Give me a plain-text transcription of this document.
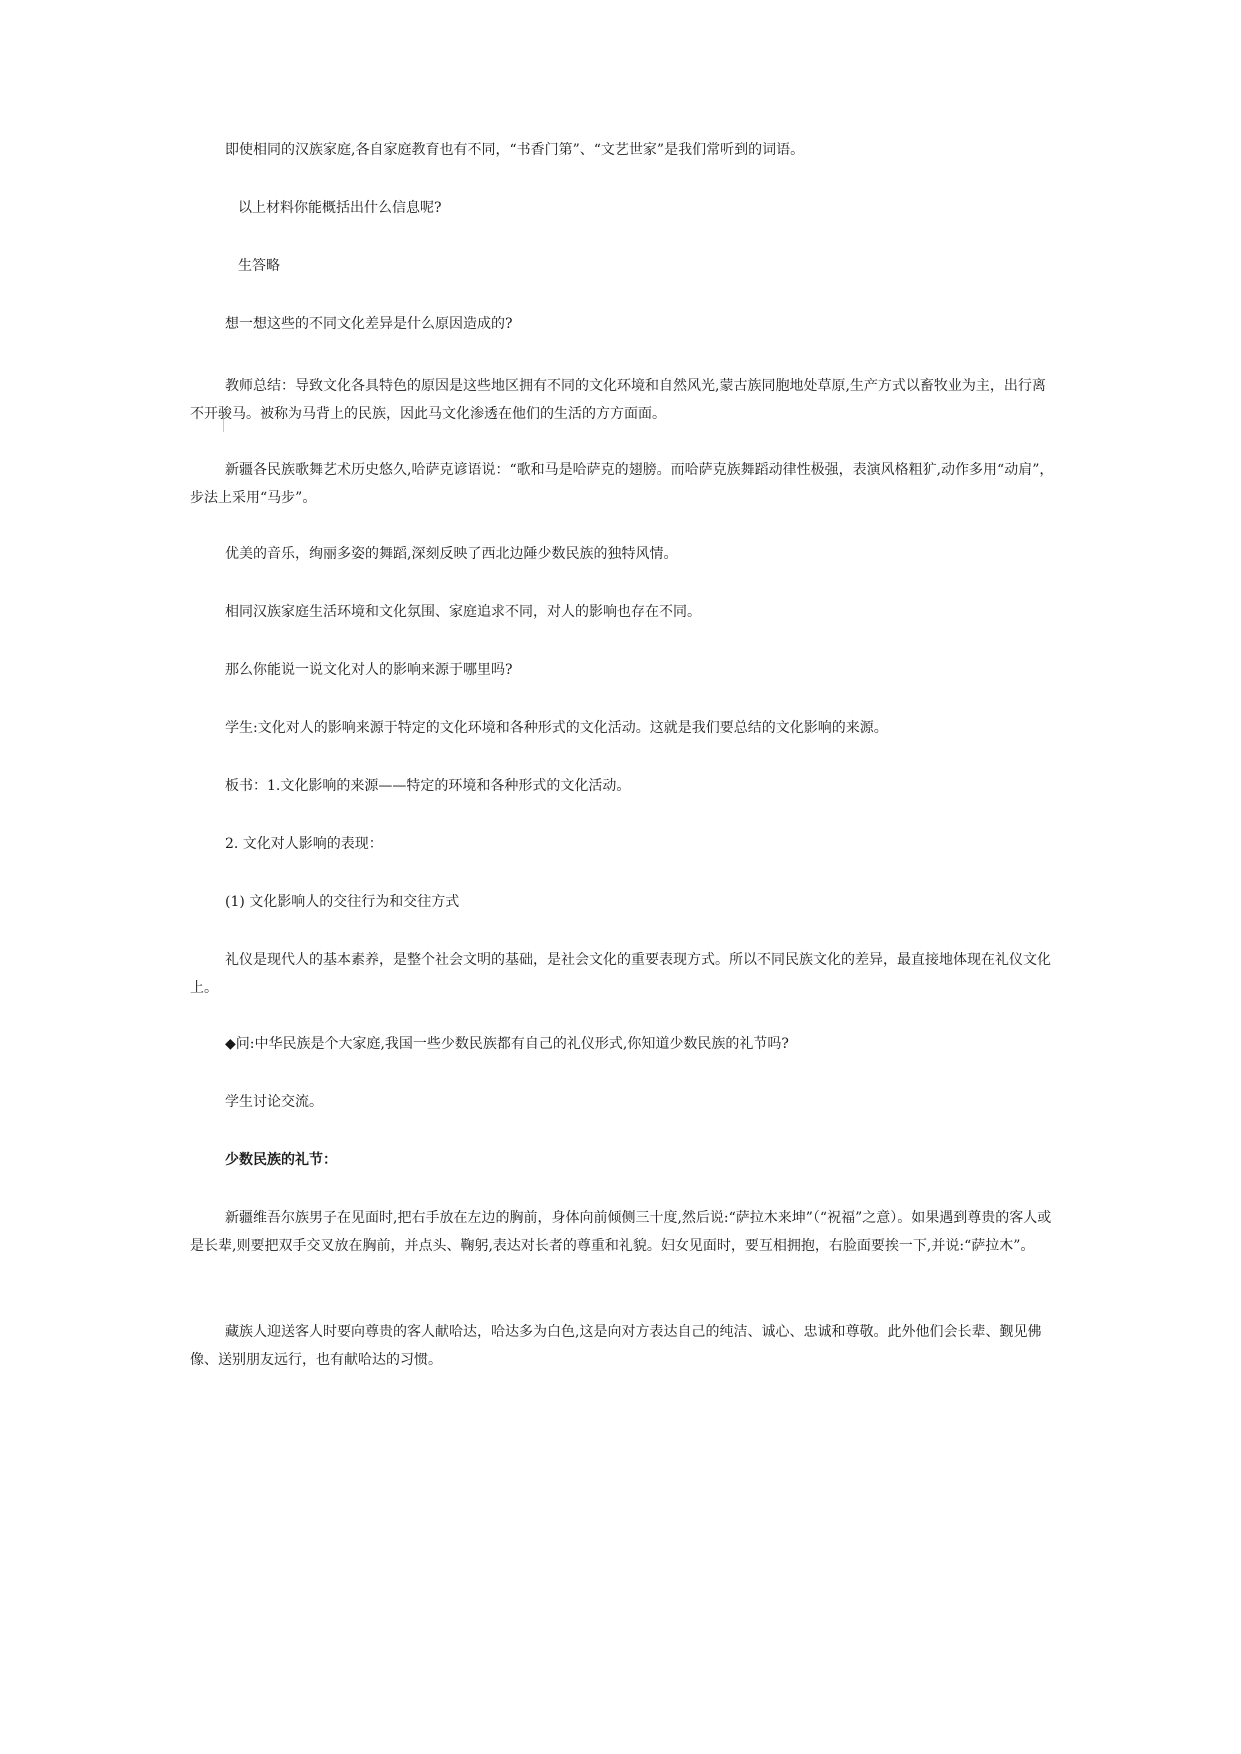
即使相同的汉族家庭,各自家庭教育也有不同，“书香门第”、“文艺世家”是我们常听到的词语。

以上材料你能概括出什么信息呢?

生答略

想一想这些的不同文化差异是什么原因造成的?

教师总结：导致文化各具特色的原因是这些地区拥有不同的文化环境和自然风光,蒙古族同胞地处草原,生产方式以畜牧业为主，出行离不开骏马。被称为马背上的民族，因此马文化渗透在他们的生活的方方面面。

新疆各民族歌舞艺术历史悠久,哈萨克谚语说：“歌和马是哈萨克的翅膀。而哈萨克族舞蹈动律性极强，表演风格粗犷,动作多用“动肩”，步法上采用“马步”。

优美的音乐，绚丽多姿的舞蹈,深刻反映了西北边陲少数民族的独特风情。

相同汉族家庭生活环境和文化氛围、家庭追求不同，对人的影响也存在不同。

那么你能说一说文化对人的影响来源于哪里吗?

学生:文化对人的影响来源于特定的文化环境和各种形式的文化活动。这就是我们要总结的文化影响的来源。

板书：1.文化影响的来源——特定的环境和各种形式的文化活动。

2. 文化对人影响的表现：

(1) 文化影响人的交往行为和交往方式

礼仪是现代人的基本素养，是整个社会文明的基础，是社会文化的重要表现方式。所以不同民族文化的差异，最直接地体现在礼仪文化上。

◆问:中华民族是个大家庭,我国一些少数民族都有自己的礼仪形式,你知道少数民族的礼节吗?

学生讨论交流。

少数民族的礼节：

新疆维吾尔族男子在见面时,把右手放在左边的胸前，身体向前倾侧三十度,然后说:“萨拉木来坤”（“祝福”之意）。如果遇到尊贵的客人或是长辈,则要把双手交叉放在胸前，并点头、鞠躬,表达对长者的尊重和礼貌。妇女见面时，要互相拥抱，右脸面要挨一下,并说:“萨拉木”。

藏族人迎送客人时要向尊贵的客人献哈达，哈达多为白色,这是向对方表达自己的纯洁、诚心、忠诚和尊敬。此外他们会长辈、觐见佛像、送别朋友远行，也有献哈达的习惯。
